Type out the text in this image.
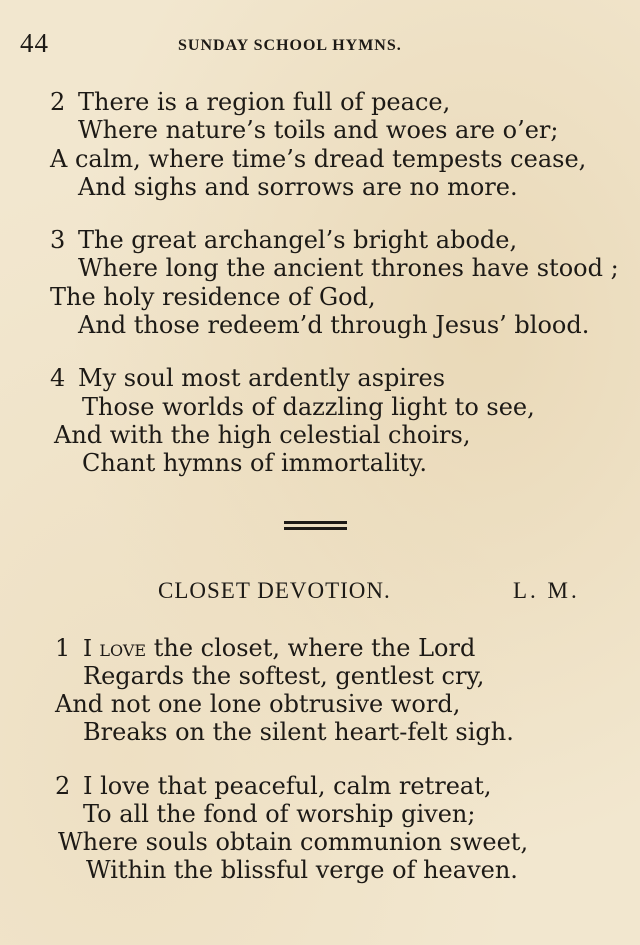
44	SUNDAY SCHOOL HYMNS.
2 There is a region full of peace,
Where nature’s toils and woes are o’er;
A calm, where time’s dread tempests cease,
And sighs and sorrows are no more.
3 The great archangel’s bright abode,
Where long the ancient thrones have stood ;
The holy residence of God,
And those redeem’d through Jesus’ blood.
4 My soul most ardently aspires
Those worlds of dazzling light to see,
And with the high celestial choirs,
Chant hymns of immortality.
CLOSET DEVOTION.	L. M.
1 I love the closet, where the Lord
Regards the softest, gentlest cry,
And not one lone obtrusive word,
Breaks on the silent heart-felt sigh.
2 I love that peaceful, calm retreat,
To all the fond of worship given;
Where souls obtain communion sweet,
Within the blissful verge of heaven.
